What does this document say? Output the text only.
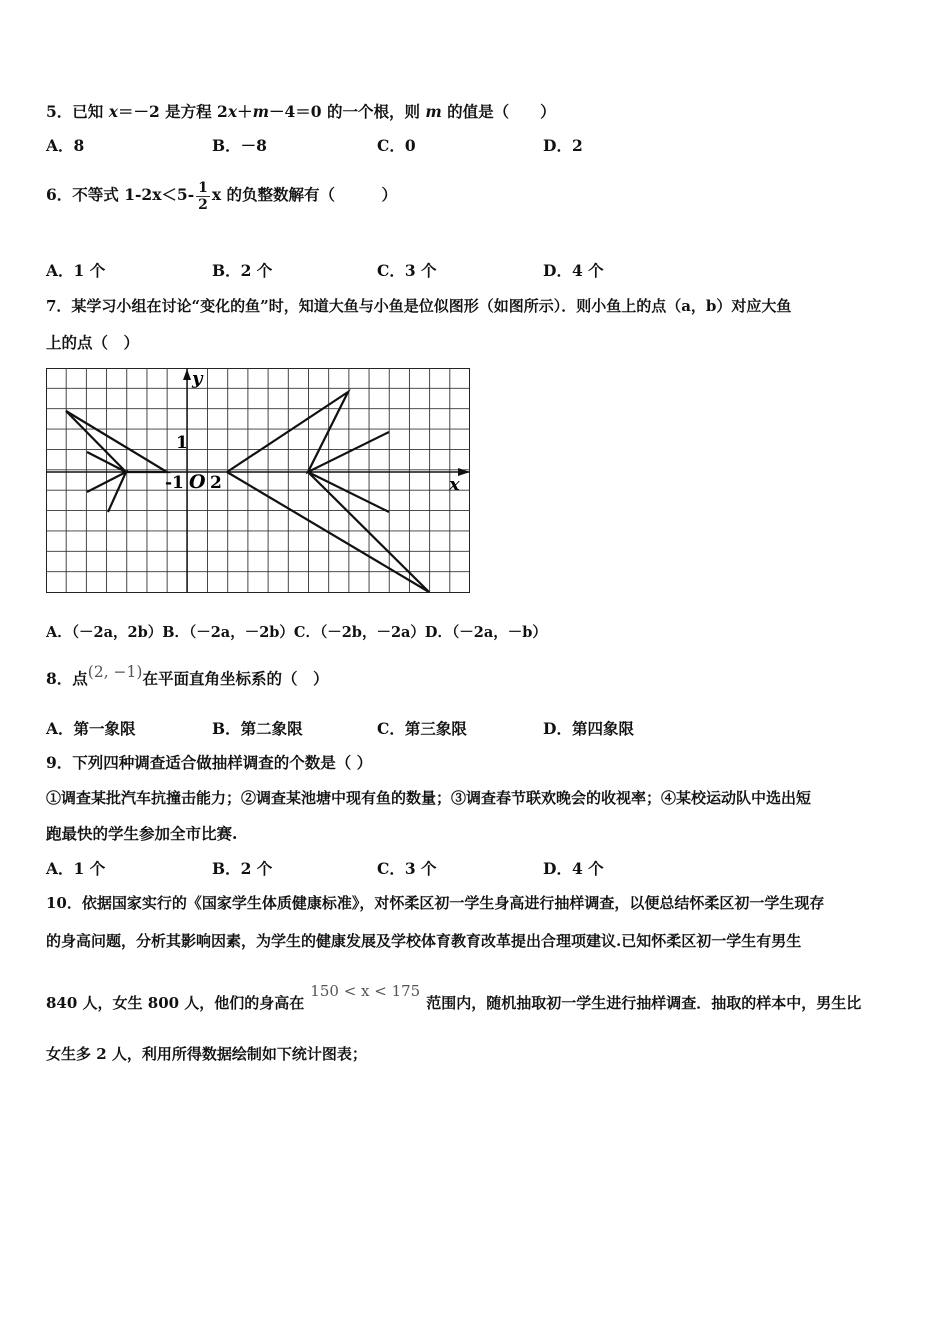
5．已知 x＝－2 是方程 2x＋m－4＝0 的一个根，则 m 的值是（　　）
A．8	B．－8	C．0	D．2
6．不等式 $1-2x<5- \frac{1}{2}$ x 的负整数解有（　　　）
A．1 个	B．2 个	C．3 个	D．4 个
7．某学习小组在讨论“变化的鱼”时，知道大鱼与小鱼是位似图形（如图所示）．则小鱼上的点（a，b）对应大鱼
上的点（　）
y
x
1
-1 O 2
A．（－2a，2b）B．（－2a，－2b）C．（－2b，－2a）D．（－2a，－b）
8．点(2, −1)在平面直角坐标系的（　）
A．第一象限	B．第二象限	C．第三象限	D．第四象限
9．下列四种调查适合做抽样调查的个数是（ ）
①调查某批汽车抗撞击能力；②调查某池塘中现有鱼的数量；③调查春节联欢晚会的收视率；④某校运动队中选出短
跑最快的学生参加全市比赛.
A．1 个	B．2 个	C．3 个	D．4 个
10．依据国家实行的《国家学生体质健康标准》，对怀柔区初一学生身高进行抽样调查，以便总结怀柔区初一学生现存
的身高问题，分析其影响因素，为学生的健康发展及学校体育教育改革提出合理项建议.已知怀柔区初一学生有男生
840 人，女生 800 人，他们的身高在150 < x < 175范围内，随机抽取初一学生进行抽样调查．抽取的样本中，男生比
女生多 2 人，利用所得数据绘制如下统计图表；
